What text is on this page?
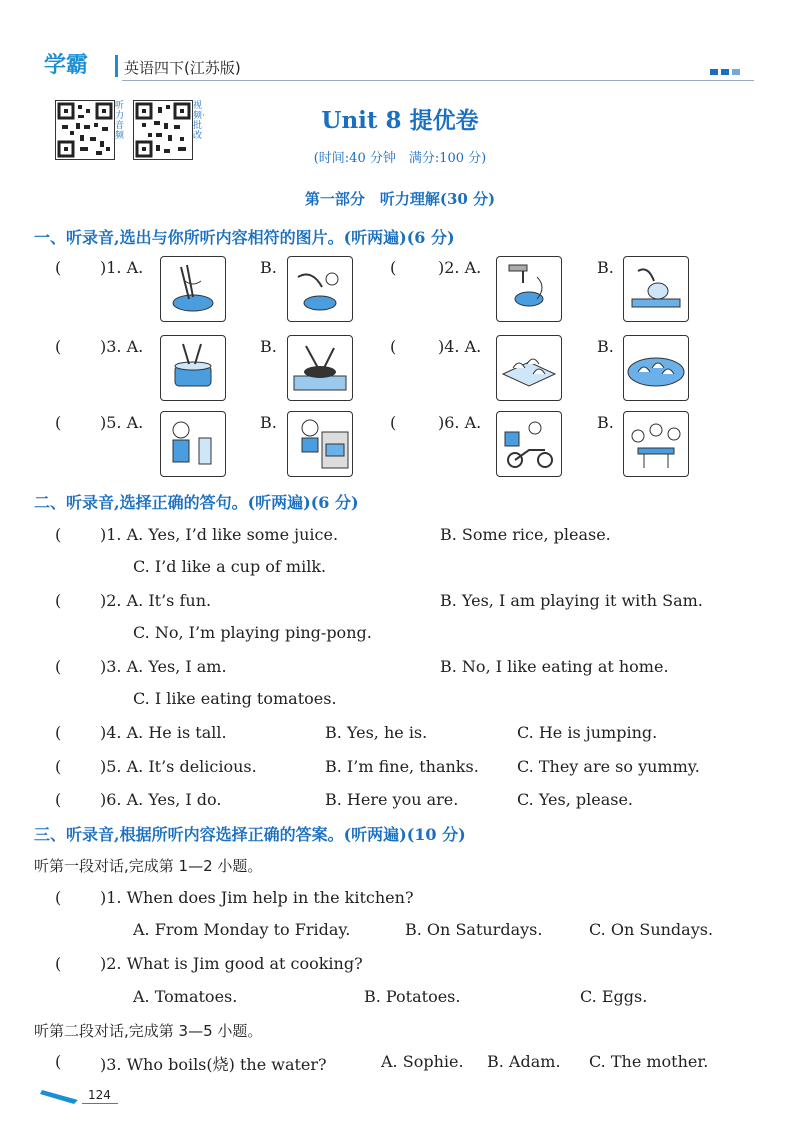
学霸 英语四下(江苏版)
听力音频
视频·批改
Unit 8 提优卷
(时间:40 分钟　满分:100 分)
第一部分　听力理解(30 分)
一、听录音,选出与你所听内容相符的图片。(听两遍)(6 分)
( )1. A.	B.	(	)2. A.	B.
( )3. A.	B.	(	)4. A.	B.
( )5. A.	B.	(	)6. A.	B.
二、听录音,选择正确的答句。(听两遍)(6 分)
( )1. A. Yes, I’d like some juice.	B. Some rice, please.
C. I’d like a cup of milk.
( )2. A. It’s fun.	B. Yes, I am playing it with Sam.
C. No, I’m playing ping-pong.
( )3. A. Yes, I am.	B. No, I like eating at home.
C. I like eating tomatoes.
( )4. A. He is tall.	B. Yes, he is.	C. He is jumping.
( )5. A. It’s delicious.	B. I’m fine, thanks. C. They are so yummy.
( )6. A. Yes, I do.	B. Here you are.	C. Yes, please.
三、听录音,根据所听内容选择正确的答案。(听两遍)(10 分)
听第一段对话,完成第 1—2 小题。
( )1. When does Jim help in the kitchen?
A. From Monday to Friday.	B. On Saturdays.	C. On Sundays.
( )2. What is Jim good at cooking?
A. Tomatoes.	B. Potatoes.	C. Eggs.
听第二段对话,完成第 3—5 小题。
( )3. Who boils(烧) the water?	A. Sophie. B. Adam. C. The mother.
124
